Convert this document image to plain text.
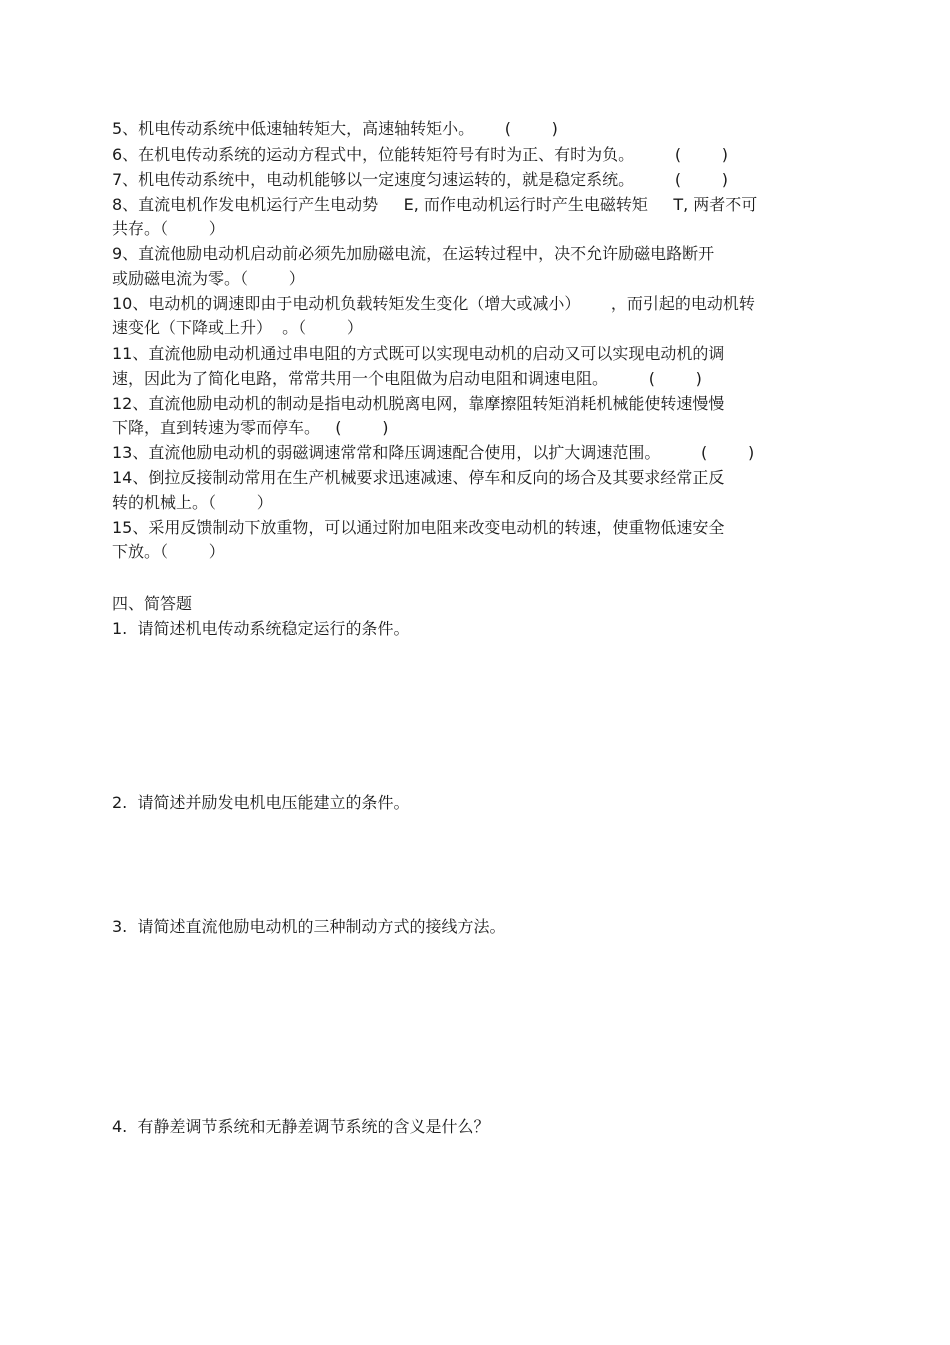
5、机电传动系统中低速轴转矩大，高速轴转矩小。      (        )
6、在机电传动系统的运动方程式中，位能转矩符号有时为正、有时为负。        (        )
7、机电传动系统中，电动机能够以一定速度匀速运转的，就是稳定系统。        (        )
8、直流电机作发电机运行产生电动势     E, 而作电动机运行时产生电磁转矩     T, 两者不可
共存。（        ）
9、直流他励电动机启动前必须先加励磁电流，在运转过程中，决不允许励磁电路断开
或励磁电流为零。（        ）
10、电动机的调速即由于电动机负载转矩发生变化（增大或减小）      ，而引起的电动机转
速变化（下降或上升）  。（        ）
11、直流他励电动机通过串电阻的方式既可以实现电动机的启动又可以实现电动机的调
速，因此为了简化电路，常常共用一个电阻做为启动电阻和调速电阻。        (        )
12、直流他励电动机的制动是指电动机脱离电网，靠摩擦阻转矩消耗机械能使转速慢慢
下降，直到转速为零而停车。   (        )
13、直流他励电动机的弱磁调速常常和降压调速配合使用，以扩大调速范围。        (        )
14、倒拉反接制动常用在生产机械要求迅速减速、停车和反向的场合及其要求经常正反
转的机械上。（        ）
15、采用反馈制动下放重物，可以通过附加电阻来改变电动机的转速，使重物低速安全
下放。（        ）
四、简答题
1.  请简述机电传动系统稳定运行的条件。
2.  请简述并励发电机电压能建立的条件。
3.  请简述直流他励电动机的三种制动方式的接线方法。
4.  有静差调节系统和无静差调节系统的含义是什么？
